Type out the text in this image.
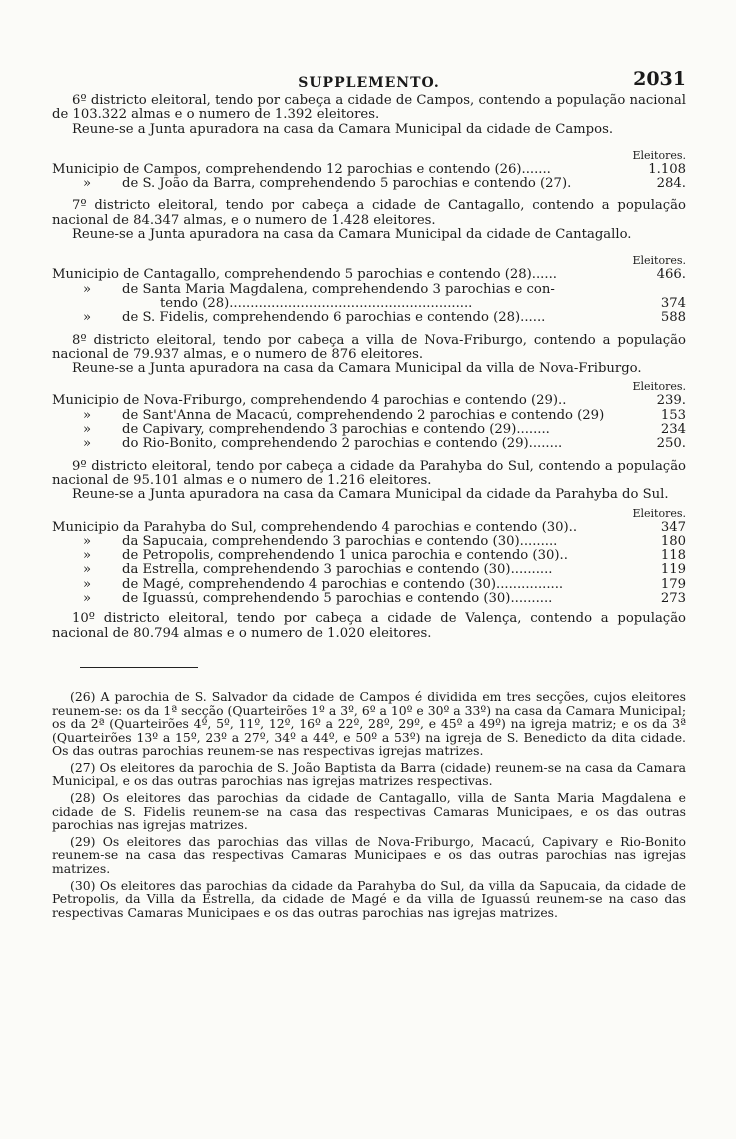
SUPPLEMENTO.	2031

6º districto eleitoral, tendo por cabeça a cidade de Campos, contendo a população nacional de 103.322 almas e o numero de 1.392 eleitores.

Reune-se a Junta apuradora na casa da Camara Municipal da cidade de Campos.

Eleitores.
Municipio de Campos, comprehendendo 12 parochias e contendo (26).......	1.108
» de S. João da Barra, comprehendendo 5 parochias e contendo (27).	284.

7º districto eleitoral, tendo por cabeça a cidade de Cantagallo, contendo a população nacional de 84.347 almas, e o numero de 1.428 eleitores.

Reune-se a Junta apuradora na casa da Camara Municipal da cidade de Cantagallo.

Eleitores.
Municipio de Cantagallo, comprehendendo 5 parochias e contendo (28)......	466.
» de Santa Maria Magdalena, comprehendendo 3 parochias e con-
tendo (28)..........................................................	374
» de S. Fidelis, comprehendendo 6 parochias e contendo (28)......	588

8º districto eleitoral, tendo por cabeça a villa de Nova-Friburgo, contendo a população nacional de 79.937 almas, e o numero de 876 eleitores.

Reune-se a Junta apuradora na casa da Camara Municipal da villa de Nova-Friburgo.

Eleitores.
Municipio de Nova-Friburgo, comprehendendo 4 parochias e contendo (29)..	239.
» de Sant'Anna de Macacú, comprehendendo 2 parochias e contendo (29)	153
» de Capivary, comprehendendo 3 parochias e contendo (29)........	234
» do Rio-Bonito, comprehendendo 2 parochias e contendo (29)........	250.

9º districto eleitoral, tendo por cabeça a cidade da Parahyba do Sul, contendo a população nacional de 95.101 almas e o numero de 1.216 eleitores.

Reune-se a Junta apuradora na casa da Camara Municipal da cidade da Parahyba do Sul.

Eleitores.
Municipio da Parahyba do Sul, comprehendendo 4 parochias e contendo (30)..	347
» da Sapucaia, comprehendendo 3 parochias e contendo (30).........	180
» de Petropolis, comprehendendo 1 unica parochia e contendo (30)..	118
» da Estrella, comprehendendo 3 parochias e contendo (30)..........	119
» de Magé, comprehendendo 4 parochias e contendo (30)................	179
» de Iguassú, comprehendendo 5 parochias e contendo (30)..........	273

10º districto eleitoral, tendo por cabeça a cidade de Valença, contendo a população nacional de 80.794 almas e o numero de 1.020 eleitores.

(26) A parochia de S. Salvador da cidade de Campos é dividida em tres secções, cujos eleitores reunem-se: os da 1ª secção (Quarteirões 1º a 3º, 6º a 10º e 30º a 33º) na casa da Camara Municipal; os da 2ª (Quarteirões 4º, 5º, 11º, 12º, 16º a 22º, 28º, 29º, e 45º a 49º) na igreja matriz; e os da 3ª (Quarteirões 13º a 15º, 23º a 27º, 34º a 44º, e 50º a 53º) na igreja de S. Benedicto da dita cidade. Os das outras parochias reunem-se nas respectivas igrejas matrizes.

(27) Os eleitores da parochia de S. João Baptista da Barra (cidade) reunem-se na casa da Camara Municipal, e os das outras parochias nas igrejas matrizes respectivas.

(28) Os eleitores das parochias da cidade de Cantagallo, villa de Santa Maria Magdalena e cidade de S. Fidelis reunem-se na casa das respectivas Camaras Municipaes, e os das outras parochias nas igrejas matrizes.

(29) Os eleitores das parochias das villas de Nova-Friburgo, Macacú, Capivary e Rio-Bonito reunem-se na casa das respectivas Camaras Municipaes e os das outras parochias nas igrejas matrizes.

(30) Os eleitores das parochias da cidade da Parahyba do Sul, da villa da Sapucaia, da cidade de Petropolis, da Villa da Estrella, da cidade de Magé e da villa de Iguassú reunem-se na caso das respectivas Camaras Municipaes e os das outras parochias nas igrejas matrizes.
